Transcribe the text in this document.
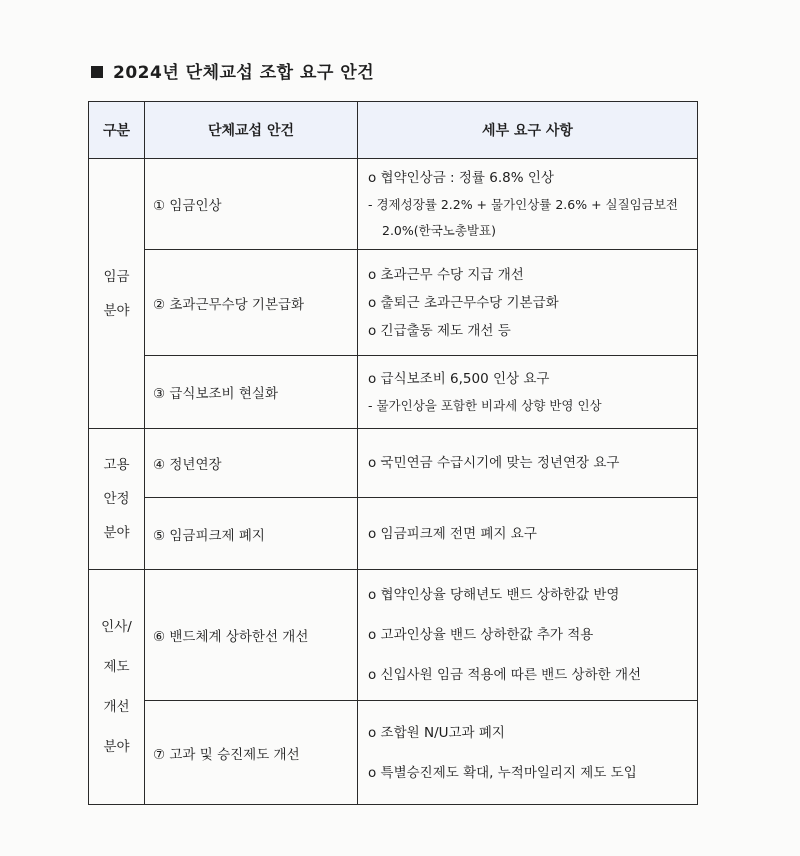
2024년 단체교섭 조합 요구 안건
구분	단체교섭 안건	세부 요구 사항

임금
분야	① 임금인상	o 협약인상금 : 정률 6.8% 인상
- 경제성장률 2.2% + 물가인상률 2.6% + 실질임금보전
2.0%(한국노총발표)

	② 초과근무수당 기본급화	o 초과근무 수당 지급 개선
o 출퇴근 초과근무수당 기본급화
o 긴급출동 제도 개선 등

	③ 급식보조비 현실화	o 급식보조비 6,500 인상 요구
- 물가인상을 포함한 비과세 상향 반영 인상

고용
안정
분야	④ 정년연장	o 국민연금 수급시기에 맞는 정년연장 요구

	⑤ 임금피크제 폐지	o 임금피크제 전면 폐지 요구

인사/
제도
개선
분야	⑥ 밴드체계 상하한선 개선	o 협약인상율 당해년도 밴드 상하한값 반영
o 고과인상율 밴드 상하한값 추가 적용
o 신입사원 임금 적용에 따른 밴드 상하한 개선

	⑦ 고과 및 승진제도 개선	o 조합원 N/U고과 폐지
o 특별승진제도 확대, 누적마일리지 제도 도입
